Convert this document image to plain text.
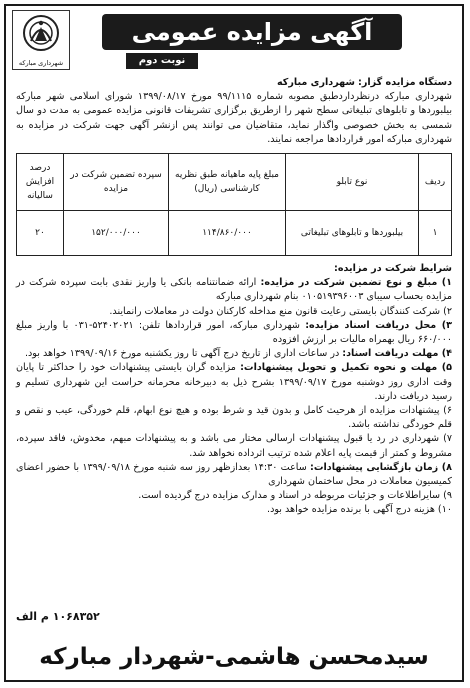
شهرداری مبارکه
آگهی مزایده عمومی
نوبت دوم

دستگاه مزایده گزار: شهرداری مبارکه

شهرداری مبارکه درنظرداردطبق مصوبه شماره ۹۹/۱۱۱۵ مورخ ۱۳۹۹/۰۸/۱۷ شورای اسلامی شهر مبارکه بیلبوردها و تابلوهای تبلیغاتی سطح شهر را ازطریق برگزاری تشریفات قانونی مزایده عمومی به مدت دو سال شمسی به بخش خصوصی واگذار نماید، متقاضیان می توانند پس ازنشر آگهی جهت شرکت در مزایده به شهرداری مبارکه امور قراردادها مراجعه نمایند.

ردیف	نوع تابلو	مبلغ پایه ماهیانه طبق نظریه کارشناسی (ریال)	سپرده تضمین شرکت در مزایده	درصد افزایش سالیانه
۱	بیلبوردها و تابلوهای تبلیغاتی	۱۱۴/۸۶۰/۰۰۰	۱۵۲/۰۰۰/۰۰۰	۲۰

شرایط شرکت در مزایده:

۱) مبلغ و نوع تضمین شرکت در مزایده: ارائه ضمانتنامه بانکی یا واریز نقدی بابت سپرده شرکت در مزایده بحساب سیبای ۰۱۰۵۱۹۳۹۶۰۰۳ بنام شهرداری مبارکه

۲) شرکت کنندگان بایستی رعایت قانون منع مداخله کارکنان دولت در معاملات رانمایند.

۳) محل دریافت اسناد مزایده: شهرداری مبارکه، امور قراردادها تلفن: ۵۲۴۰۲۰۲۱-۰۳۱ با واریز مبلغ ۶۶۰/۰۰۰ ریال بهمراه مالیات بر ارزش افزوده

۴) مهلت دریافت اسناد: در ساعات اداری از تاریخ درج آگهی تا روز یکشنبه مورخ ۱۳۹۹/۰۹/۱۶ خواهد بود.

۵) مهلت و نحوه تکمیل و تحویل پیشنهادات: مزایده گران بایستی پیشنهادات خود را حداکثر تا پایان وقت اداری روز دوشنبه مورخ ۱۳۹۹/۰۹/۱۷ بشرح ذیل به دبیرخانه محرمانه حراست این شهرداری تسلیم و رسید دریافت دارند.

۶) پیشنهادات مزایده از هرحیث کامل و بدون قید و شرط بوده و هیچ نوع ابهام، قلم خوردگی، عیب و نقص و قلم خوردگی نداشته باشد.

۷) شهرداری در رد یا قبول پیشنهادات ارسالی مختار می باشد و به پیشنهادات مبهم، مخدوش، فاقد سپرده، مشروط و کمتر از قیمت پایه اعلام شده ترتیب اثرداده نخواهد شد.

۸) زمان بازگشایی پیشنهادات: ساعت ۱۴:۳۰ بعدازظهر روز سه شنبه مورخ ۱۳۹۹/۰۹/۱۸ با حضور اعضای کمیسیون معاملات در محل ساختمان شهرداری

۹) سایراطلاعات و جزئیات مربوطه در اسناد و مدارک مزایده درج گردیده است.

۱۰) هزینه درج آگهی با برنده مزایده خواهد بود.

۱۰۶۸۳۵۲ م الف
سیدمحسن هاشمی-شهردار مبارکه
